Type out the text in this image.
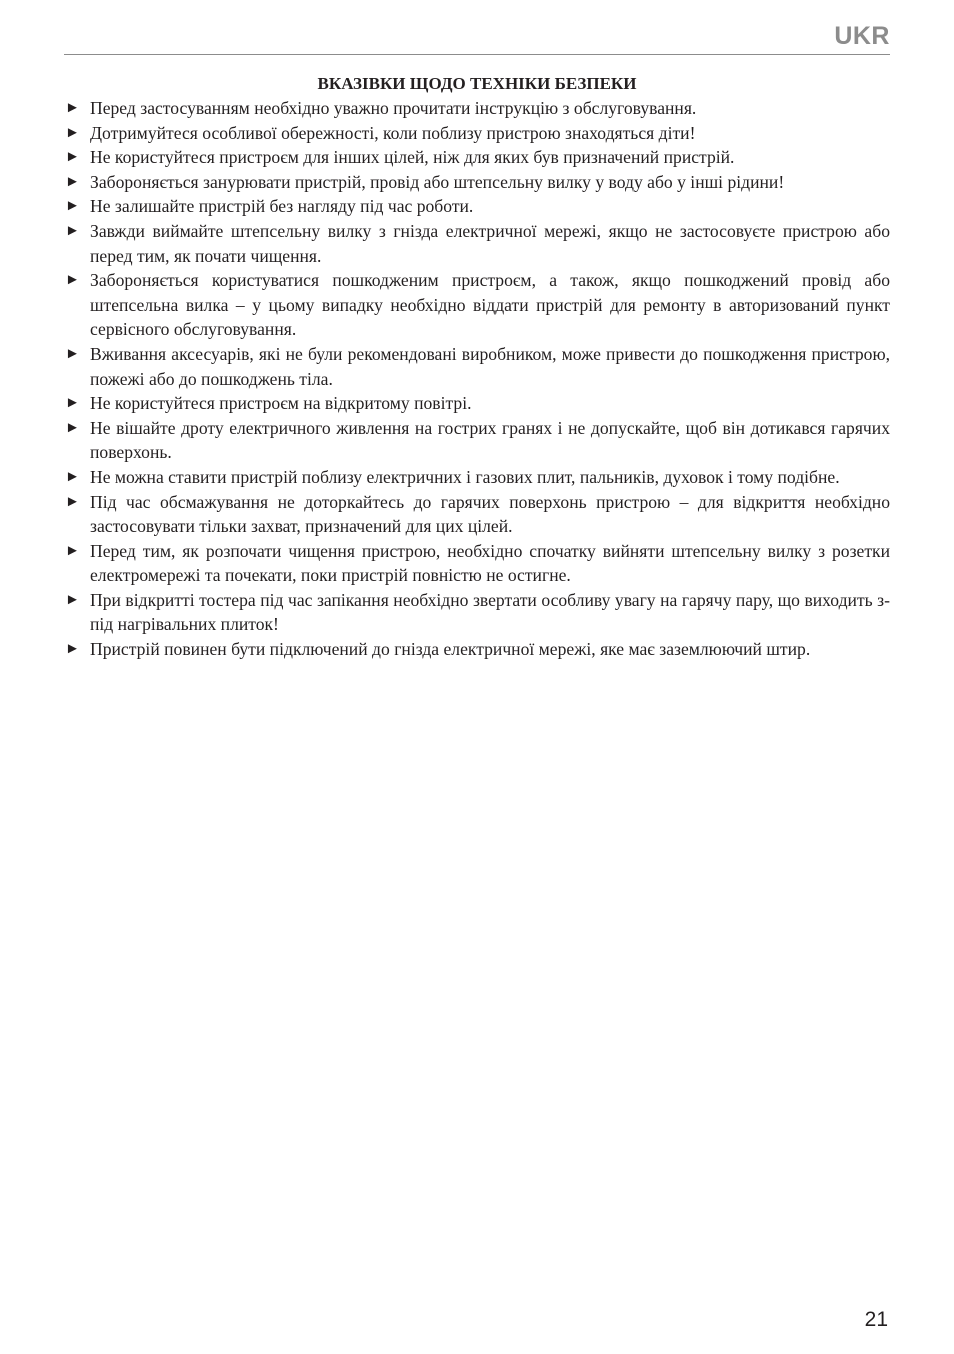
UKR
ВКАЗІВКИ ЩОДО ТЕХНІКИ БЕЗПЕКИ
► Перед застосуванням необхідно уважно прочитати інструкцію з обслуговування.
► Дотримуйтеся особливої обережності, коли поблизу пристрою знаходяться діти!
► Не користуйтеся пристроєм для інших цілей, ніж для яких був призначений пристрій.
► Забороняється занурювати пристрій, провід або штепсельну вилку у воду або у інші рідини!
► Не залишайте пристрій без нагляду під час роботи.
► Завжди виймайте штепсельну вилку з гнізда електричної мережі, якщо не застосовуєте пристрою або перед тим, як почати чищення.
► Забороняється користуватися пошкодженим пристроєм, а також, якщо пошкоджений провід або штепсельна вилка – у цьому випадку необхідно віддати пристрій для ремонту в авторизований пункт сервісного обслуговування.
► Вживання аксесуарів, які не були рекомендовані виробником, може привести до пошкодження пристрою, пожежі або до пошкоджень тіла.
► Не користуйтеся пристроєм на відкритому повітрі.
► Не вішайте дроту електричного живлення на гострих гранях і не допускайте, щоб він дотикався гарячих поверхонь.
► Не можна ставити пристрій поблизу електричних і газових плит, пальників, духовок і тому подібне.
► Під час обсмажування не доторкайтесь до гарячих поверхонь пристрою – для відкриття необхідно застосовувати тільки захват, призначений для цих цілей.
► Перед тим, як розпочати чищення пристрою, необхідно спочатку вийняти штепсельну вилку з розетки електромережі та почекати, поки пристрій повністю не остигне.
► При відкритті тостера під час запікання необхідно звертати особливу увагу на гарячу пару, що виходить з-під нагрівальних плиток!
► Пристрій повинен бути підключений до гнізда електричної мережі, яке має заземлюючий штир.
21
